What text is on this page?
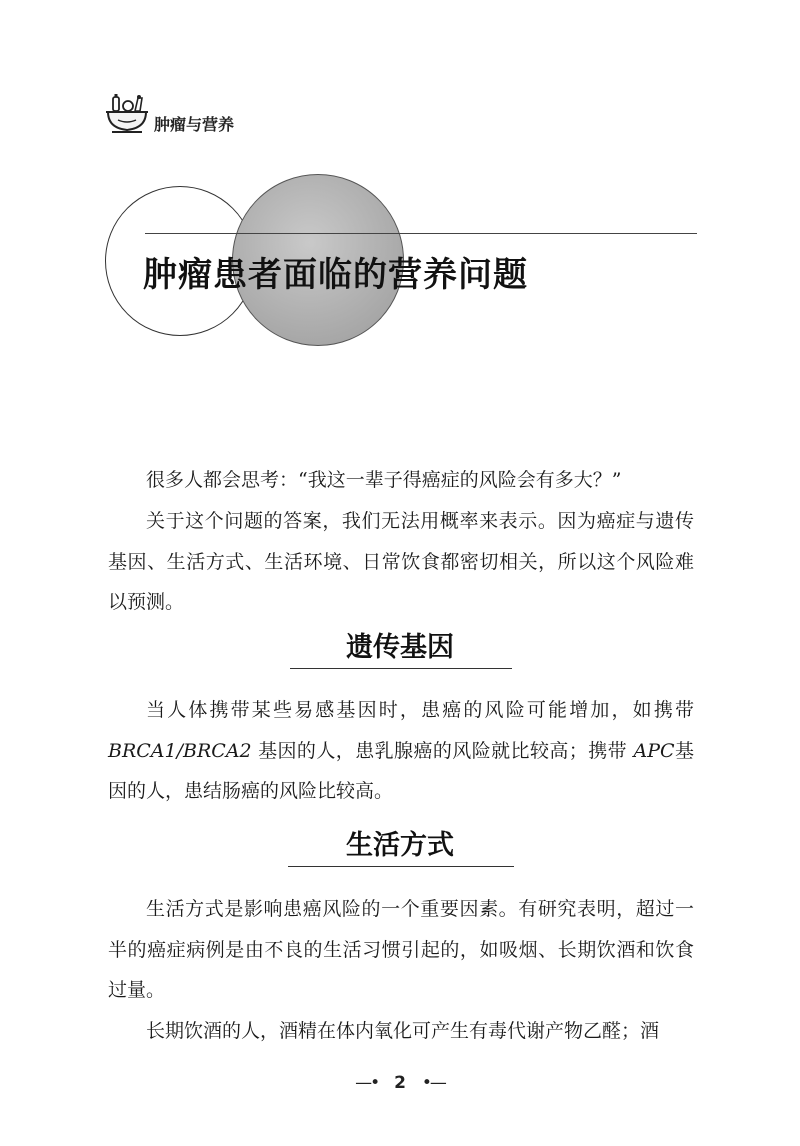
肿瘤与营养
肿瘤患者面临的营养问题

很多人都会思考：“我这一辈子得癌症的风险会有多大？”

关于这个问题的答案，我们无法用概率来表示。因为癌症与遗传基因、生活方式、生活环境、日常饮食都密切相关，所以这个风险难以预测。

遗传基因

当人体携带某些易感基因时，患癌的风险可能增加，如携带BRCA1/BRCA2 基因的人，患乳腺癌的风险就比较高；携带 APC基因的人，患结肠癌的风险比较高。

生活方式

生活方式是影响患癌风险的一个重要因素。有研究表明，超过一半的癌症病例是由不良的生活习惯引起的，如吸烟、长期饮酒和饮食过量。

长期饮酒的人，酒精在体内氧化可产生有毒代谢产物乙醛；酒

—• 2 •—
